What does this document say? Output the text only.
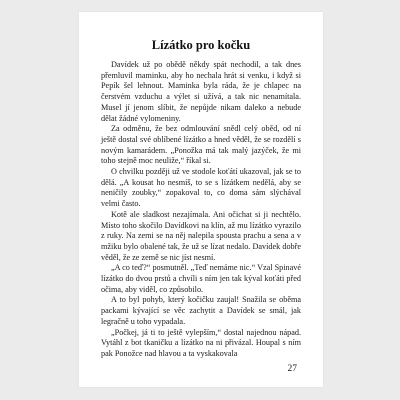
Lízátko pro kočku

Davídek už po obědě někdy spát nechodil, a tak dnes přemluvil maminku, aby ho nechala hrát si venku, i když si Pepík šel lehnout. Maminka byla ráda, že je chlapec na čerstvém vzduchu a výlet si užívá, a tak nic nenamítala. Musel jí jenom slíbit, že nepůjde nikam daleko a nebude dělat žádné vylomeniny.

Za odměnu, že bez odmlouvání snědl celý oběd, od ní ještě dostal své oblíbené lízátko a hned věděl, že se rozdělí s novým kamarádem. „Ponožka má tak malý jazýček, že mi toho stejně moc neuliže,“ říkal si.

O chvilku později už ve stodole koťátí ukazoval, jak se to dělá. „A kousat ho nesmíš, to se s lízátkem nedělá, aby se neničily zoubky,“ zopakoval to, co doma sám slýchával velmi často.

Kotě ale sladkost nezajímala. Ani očichat si ji nechtělo. Místo toho skočilo Davídkovi na klín, až mu lízátko vyrazilo z ruky. Na zemi se na něj nalepila spousta prachu a sena a v mžiku bylo obalené tak, že už se lízat nedalo. Davídek dobře věděl, že ze země se nic jíst nesmí.

„A co teď?“ posmutněl. „Teď nemáme nic.“ Vzal Spinavé lízátko do dvou prstů a chvíli s ním jen tak kýval koťáti před očima, aby viděl, co způsobilo.

A to byl pohyb, který kočičku zaujal! Snažila se oběma packami kývající se věc zachytit a Davídek se smál, jak legračně u toho vypadala.

„Počkej, já ti to ještě vylepším,“ dostal najednou nápad. Vytáhl z bot tkaničku a lízátko na ni přivázal. Houpal s ním pak Ponožce nad hlavou a ta vyskakovala

27
